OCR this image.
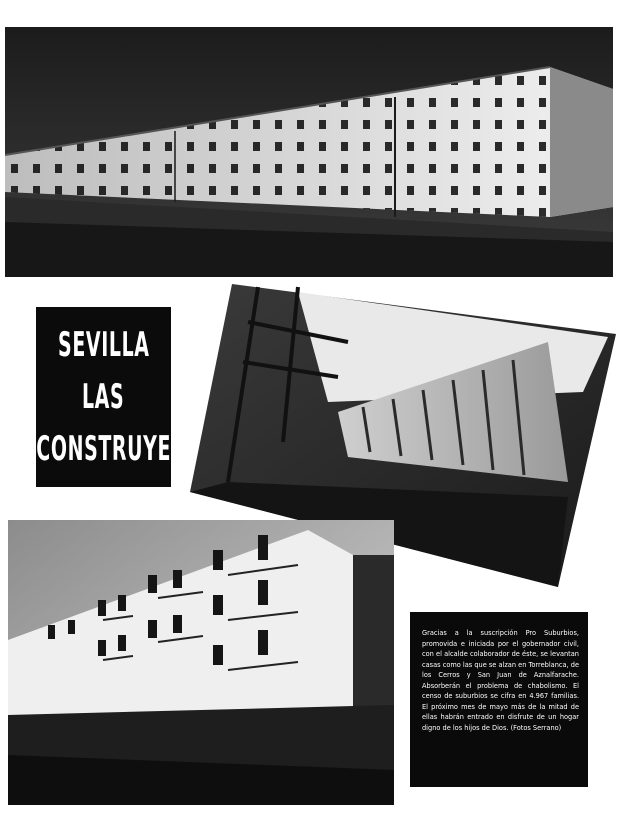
SEVILLA
LAS
CONSTRUYE
Gracias a la suscripción Pro Suburbios, promovida e iniciada por el gobernador civil, con el alcalde colaborador de éste, se levantan casas como las que se alzan en Torreblanca, de los Cerros y San Juan de Aznalfarache. Absorberán el problema de chabolismo. El censo de suburbios se cifra en 4.967 familias. El próximo mes de mayo más de la mitad de ellas habrán entrado en disfrute de un hogar digno de los hijos de Dios. (Fotos Serrano)
